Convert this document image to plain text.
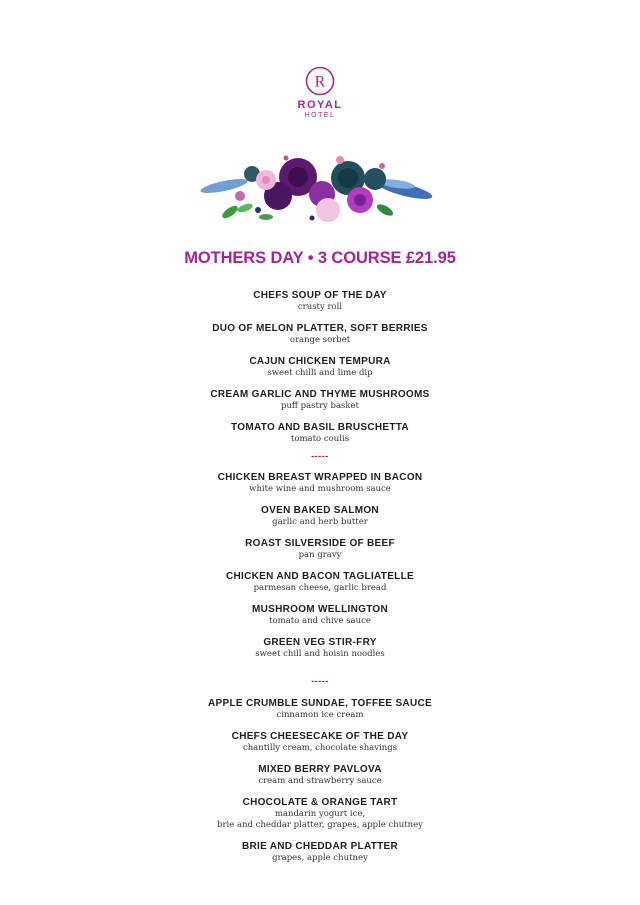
R
ROYAL
HOTEL
MOTHERS DAY • 3 COURSE £21.95
CHEFS SOUP OF THE DAY
crusty roll
DUO OF MELON PLATTER, SOFT BERRIES
orange sorbet
CAJUN CHICKEN TEMPURA
sweet chilli and lime dip
CREAM GARLIC AND THYME MUSHROOMS
puff pastry basket
TOMATO AND BASIL BRUSCHETTA
tomato coulis
-----
CHICKEN BREAST WRAPPED IN BACON
white wine and mushroom sauce
OVEN BAKED SALMON
garlic and herb butter
ROAST SILVERSIDE OF BEEF
pan gravy
CHICKEN AND BACON TAGLIATELLE
parmesan cheese, garlic bread
MUSHROOM WELLINGTON
tomato and chive sauce
GREEN VEG STIR-FRY
sweet chill and hoisin noodles
-----
APPLE CRUMBLE SUNDAE, TOFFEE SAUCE
cinnamon ice cream
CHEFS CHEESECAKE OF THE DAY
chantilly cream, chocolate shavings
MIXED BERRY PAVLOVA
cream and strawberry sauce
CHOCOLATE & ORANGE TART
mandarin yogurt ice,
brie and cheddar platter, grapes, apple chutney
BRIE AND CHEDDAR PLATTER
grapes, apple chutney
